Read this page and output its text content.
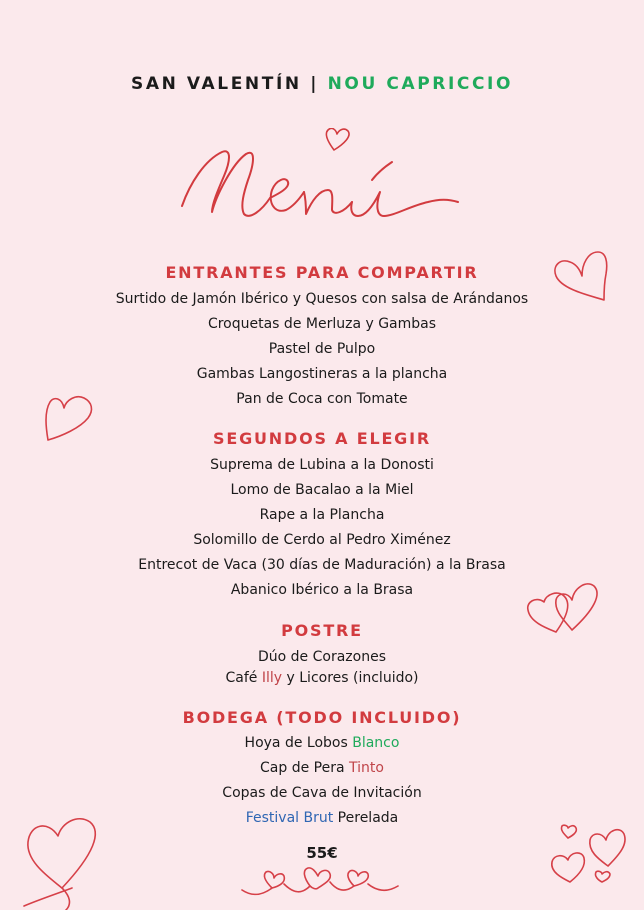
SAN VALENTÍN | NOU CAPRICCIO
ENTRANTES PARA COMPARTIR
Surtido de Jamón Ibérico y Quesos con salsa de Arándanos
Croquetas de Merluza y Gambas
Pastel de Pulpo
Gambas Langostineras a la plancha
Pan de Coca con Tomate
SEGUNDOS A ELEGIR
Suprema de Lubina a la Donosti
Lomo de Bacalao a la Miel
Rape a la Plancha
Solomillo de Cerdo al Pedro Ximénez
Entrecot de Vaca (30 días de Maduración) a la Brasa
Abanico Ibérico a la Brasa
POSTRE
Dúo de Corazones
Café Illy y Licores (incluido)
BODEGA (TODO INCLUIDO)
Hoya de Lobos Blanco
Cap de Pera Tinto
Copas de Cava de Invitación
Festival Brut Perelada
55€
